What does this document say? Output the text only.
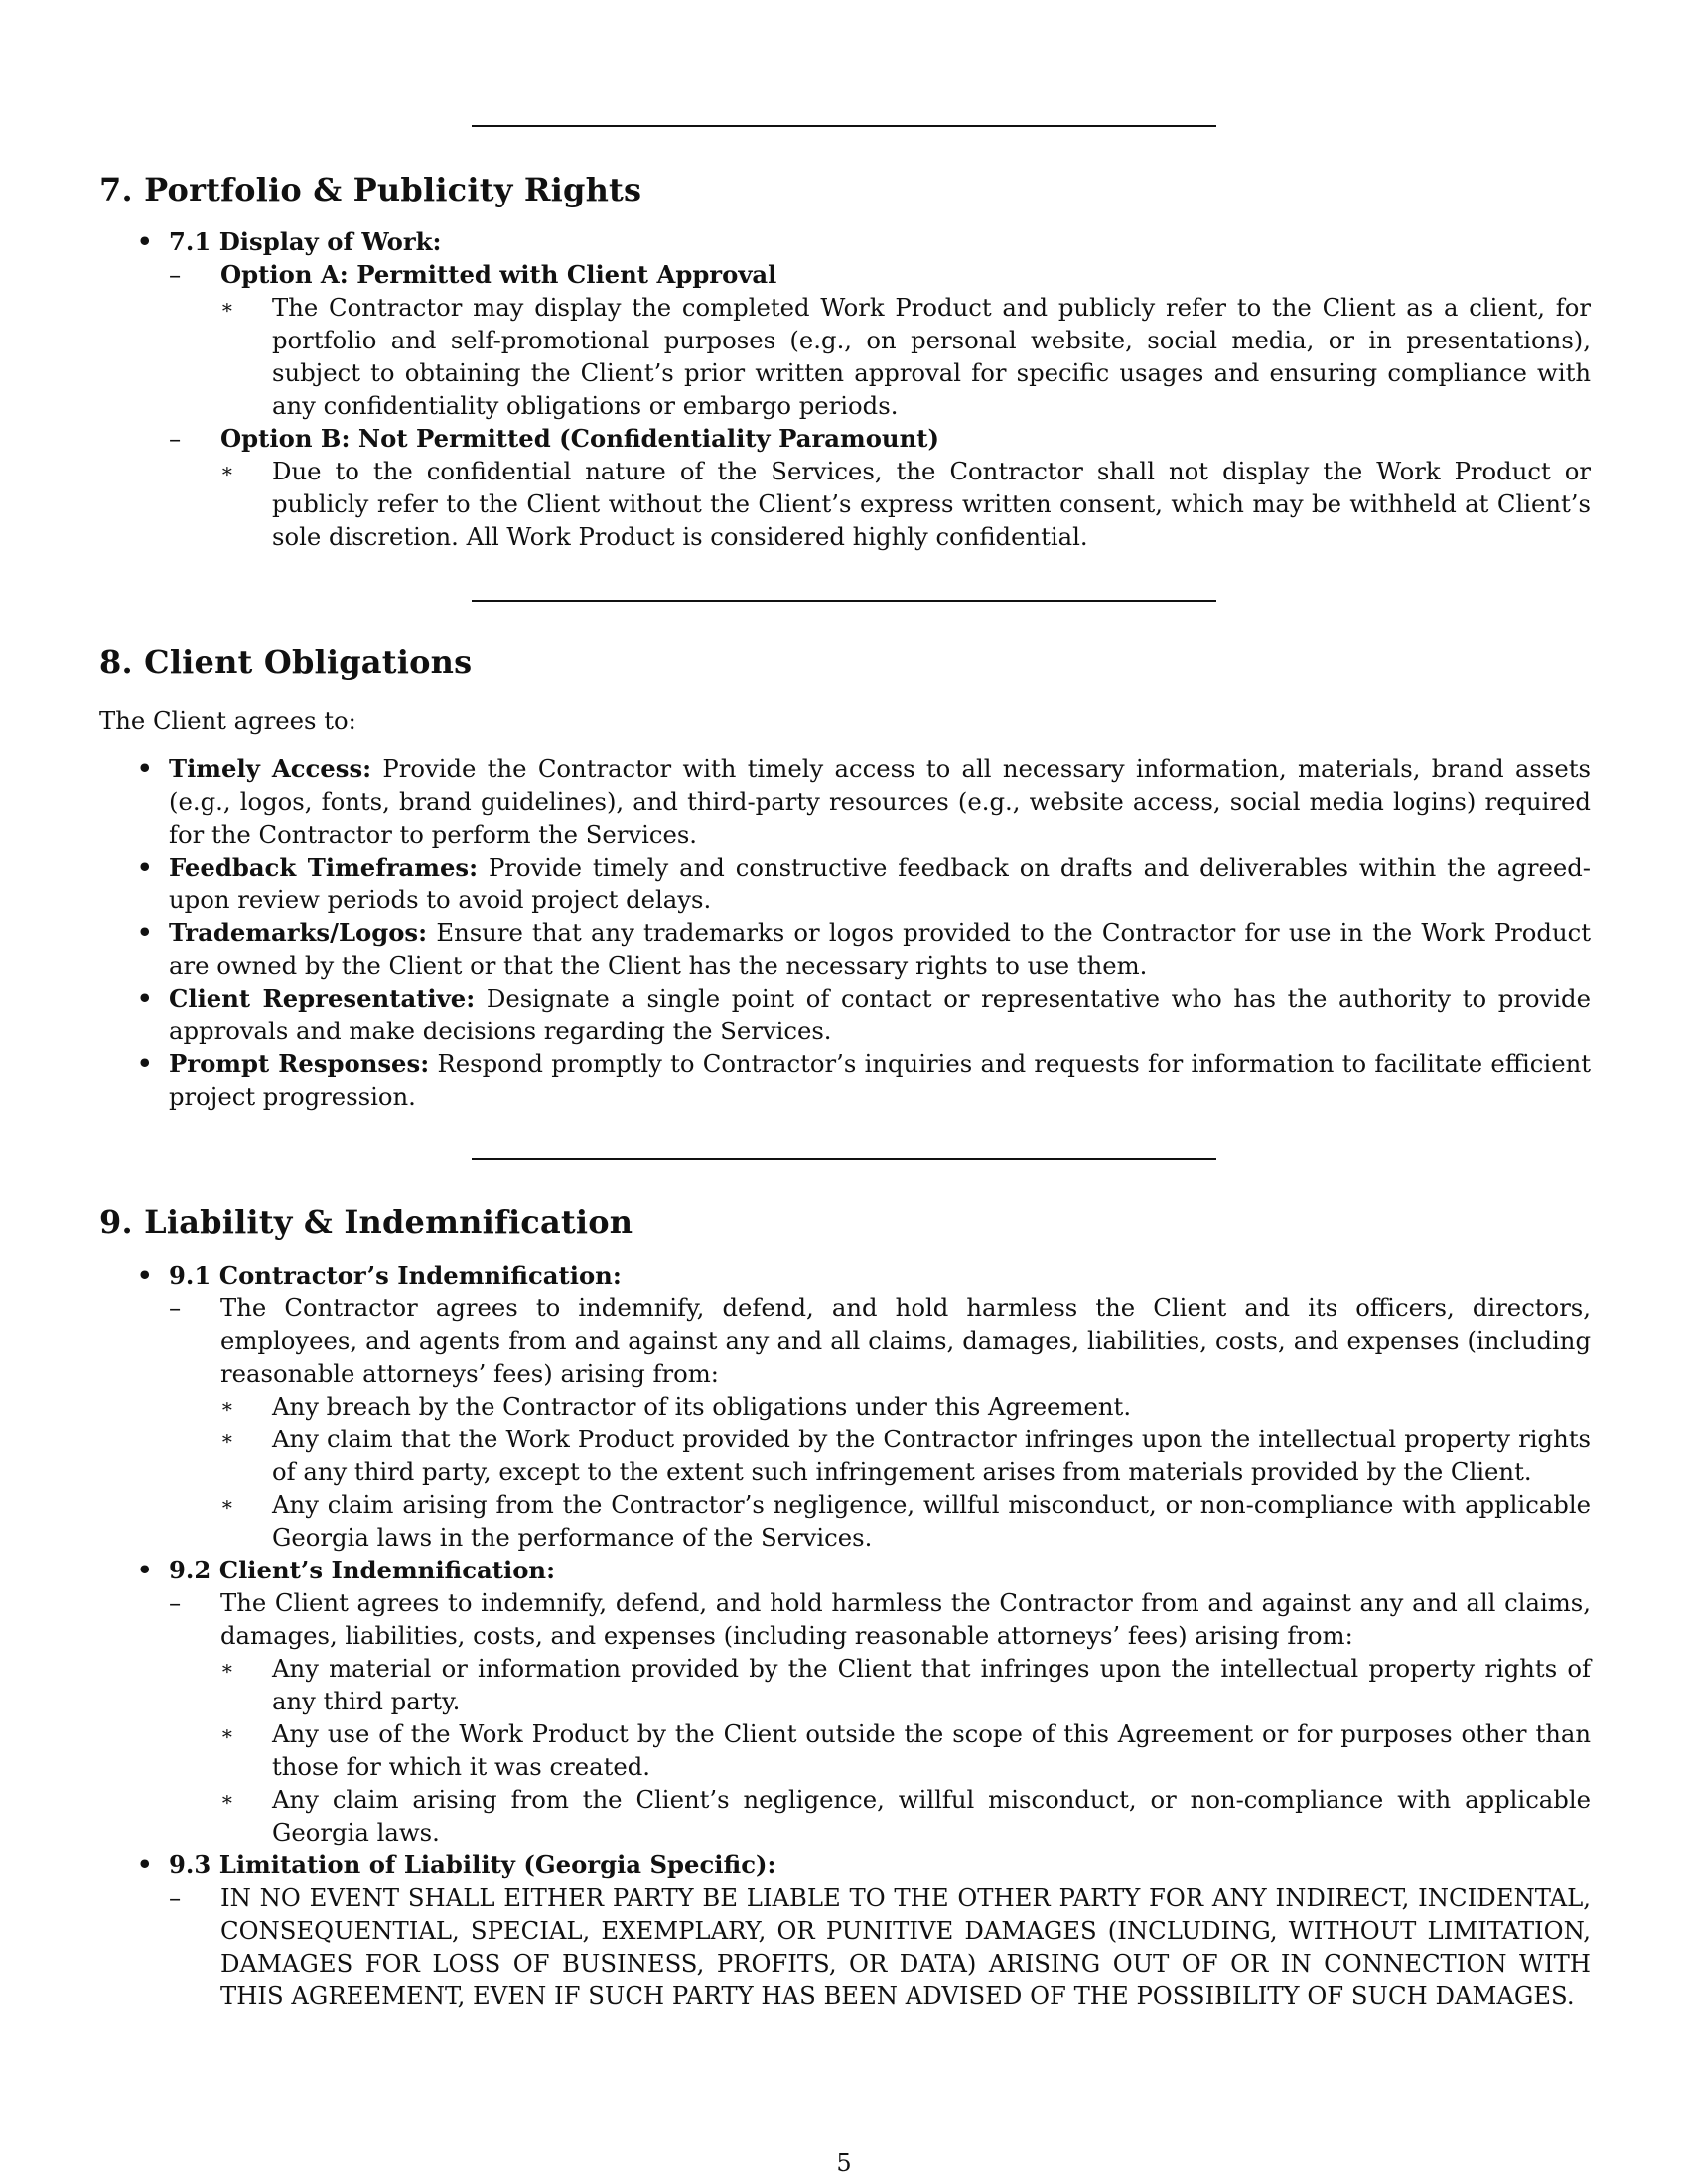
7. Portfolio & Publicity Rights
• 7.1 Display of Work:
– Option A: Permitted with Client Approval
∗ The Contractor may display the completed Work Product and publicly refer to the Client as a client, for portfolio and self-promotional purposes (e.g., on personal website, social media, or in presentations), subject to obtaining the Client’s prior written approval for specific usages and ensuring compliance with any confidentiality obligations or embargo periods.
– Option B: Not Permitted (Confidentiality Paramount)
∗ Due to the confidential nature of the Services, the Contractor shall not display the Work Product or publicly refer to the Client without the Client’s express written consent, which may be withheld at Client’s sole discretion. All Work Product is considered highly confidential.
8. Client Obligations

The Client agrees to:

• Timely Access: Provide the Contractor with timely access to all necessary information, materials, brand assets (e.g., logos, fonts, brand guidelines), and third-party resources (e.g., website access, social media logins) required for the Contractor to perform the Services.
• Feedback Timeframes: Provide timely and constructive feedback on drafts and deliverables within the agreed-upon review periods to avoid project delays.
• Trademarks/Logos: Ensure that any trademarks or logos provided to the Contractor for use in the Work Product are owned by the Client or that the Client has the necessary rights to use them.
• Client Representative: Designate a single point of contact or representative who has the authority to provide approvals and make decisions regarding the Services.
• Prompt Responses: Respond promptly to Contractor’s inquiries and requests for information to facilitate efficient project progression.
9. Liability & Indemnification
• 9.1 Contractor’s Indemnification:
– The Contractor agrees to indemnify, defend, and hold harmless the Client and its officers, directors, employees, and agents from and against any and all claims, damages, liabilities, costs, and expenses (including reasonable attorneys’ fees) arising from:
∗ Any breach by the Contractor of its obligations under this Agreement.
∗ Any claim that the Work Product provided by the Contractor infringes upon the intellectual property rights of any third party, except to the extent such infringement arises from materials provided by the Client.
∗ Any claim arising from the Contractor’s negligence, willful misconduct, or non-compliance with applicable Georgia laws in the performance of the Services.
• 9.2 Client’s Indemnification:
– The Client agrees to indemnify, defend, and hold harmless the Contractor from and against any and all claims, damages, liabilities, costs, and expenses (including reasonable attorneys’ fees) arising from:
∗ Any material or information provided by the Client that infringes upon the intellectual property rights of any third party.
∗ Any use of the Work Product by the Client outside the scope of this Agreement or for purposes other than those for which it was created.
∗ Any claim arising from the Client’s negligence, willful misconduct, or non-compliance with applicable Georgia laws.
• 9.3 Limitation of Liability (Georgia Specific):
– IN NO EVENT SHALL EITHER PARTY BE LIABLE TO THE OTHER PARTY FOR ANY INDIRECT, INCIDENTAL, CONSEQUENTIAL, SPECIAL, EXEMPLARY, OR PUNITIVE DAMAGES (INCLUDING, WITHOUT LIMITATION, DAMAGES FOR LOSS OF BUSINESS, PROFITS, OR DATA) ARISING OUT OF OR IN CONNECTION WITH THIS AGREEMENT, EVEN IF SUCH PARTY HAS BEEN ADVISED OF THE POSSIBILITY OF SUCH DAMAGES.
5
